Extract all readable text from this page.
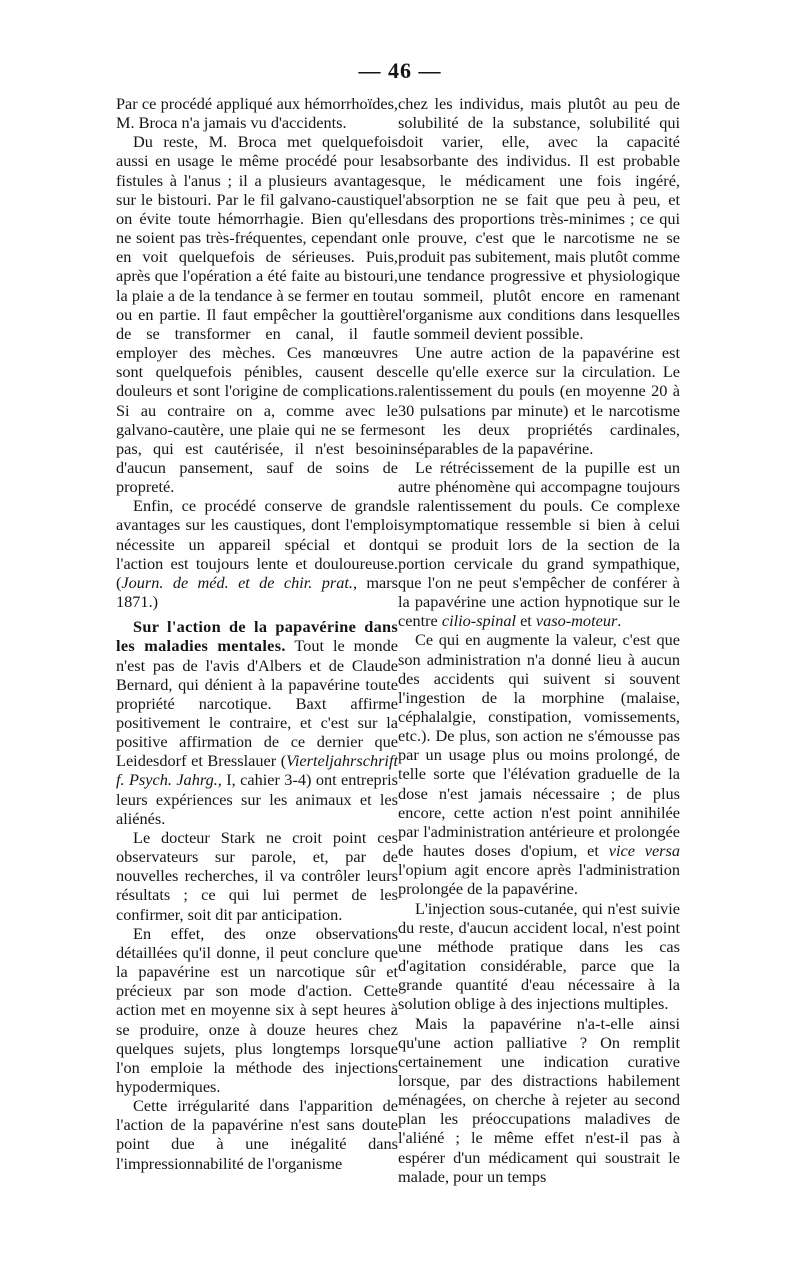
— 46 —

Par ce procédé appliqué aux hémorrhoïdes, M. Broca n'a jamais vu d'accidents.

Du reste, M. Broca met quelquefois aussi en usage le même procédé pour les fistules à l'anus ; il a plusieurs avantages sur le bistouri. Par le fil galvano-caustique on évite toute hémorrhagie. Bien qu'elles ne soient pas très-fréquentes, cependant on en voit quelquefois de sérieuses. Puis, après que l'opération a été faite au bistouri, la plaie a de la tendance à se fermer en tout ou en partie. Il faut empêcher la gouttière de se transformer en canal, il faut employer des mèches. Ces manœuvres sont quelquefois pénibles, causent des douleurs et sont l'origine de complications. Si au contraire on a, comme avec le galvano-cautère, une plaie qui ne se ferme pas, qui est cautérisée, il n'est besoin d'aucun pansement, sauf de soins de propreté.

Enfin, ce procédé conserve de grands avantages sur les caustiques, dont l'emploi nécessite un appareil spécial et dont l'action est toujours lente et douloureuse. (Journ. de méd. et de chir. prat., mars 1871.)

Sur l'action de la papavérine dans les maladies mentales. Tout le monde n'est pas de l'avis d'Albers et de Claude Bernard, qui dénient à la papavérine toute propriété narcotique. Baxt affirme positivement le contraire, et c'est sur la positive affirmation de ce dernier que Leidesdorf et Bresslauer (Vierteljahrschrift f. Psych. Jahrg., I, cahier 3-4) ont entrepris leurs expériences sur les animaux et les aliénés.

Le docteur Stark ne croit point ces observateurs sur parole, et, par de nouvelles recherches, il va contrôler leurs résultats ; ce qui lui permet de les confirmer, soit dit par anticipation.

En effet, des onze observations détaillées qu'il donne, il peut conclure que la papavérine est un narcotique sûr et précieux par son mode d'action. Cette action met en moyenne six à sept heures à se produire, onze à douze heures chez quelques sujets, plus longtemps lorsque l'on emploie la méthode des injections hypodermiques.

Cette irrégularité dans l'apparition de l'action de la papavérine n'est sans doute point due à une inégalité dans l'impressionnabilité de l'organisme

chez les individus, mais plutôt au peu de solubilité de la substance, solubilité qui doit varier, elle, avec la capacité absorbante des individus. Il est probable que, le médicament une fois ingéré, l'absorption ne se fait que peu à peu, et dans des proportions très-minimes ; ce qui le prouve, c'est que le narcotisme ne se produit pas subitement, mais plutôt comme une tendance progressive et physiologique au sommeil, plutôt encore en ramenant l'organisme aux conditions dans lesquelles le sommeil devient possible.

Une autre action de la papavérine est celle qu'elle exerce sur la circulation. Le ralentissement du pouls (en moyenne 20 à 30 pulsations par minute) et le narcotisme sont les deux propriétés cardinales, inséparables de la papavérine.

Le rétrécissement de la pupille est un autre phénomène qui accompagne toujours le ralentissement du pouls. Ce complexe symptomatique ressemble si bien à celui qui se produit lors de la section de la portion cervicale du grand sympathique, que l'on ne peut s'empêcher de conférer à la papavérine une action hypnotique sur le centre cilio-spinal et vaso-moteur.

Ce qui en augmente la valeur, c'est que son administration n'a donné lieu à aucun des accidents qui suivent si souvent l'ingestion de la morphine (malaise, céphalalgie, constipation, vomissements, etc.). De plus, son action ne s'émousse pas par un usage plus ou moins prolongé, de telle sorte que l'élévation graduelle de la dose n'est jamais nécessaire ; de plus encore, cette action n'est point annihilée par l'administration antérieure et prolongée de hautes doses d'opium, et vice versa l'opium agit encore après l'administration prolongée de la papavérine.

L'injection sous-cutanée, qui n'est suivie du reste, d'aucun accident local, n'est point une méthode pratique dans les cas d'agitation considérable, parce que la grande quantité d'eau nécessaire à la solution oblige à des injections multiples.

Mais la papavérine n'a-t-elle ainsi qu'une action palliative ? On remplit certainement une indication curative lorsque, par des distractions habilement ménagées, on cherche à rejeter au second plan les préoccupations maladives de l'aliéné ; le même effet n'est-il pas à espérer d'un médicament qui soustrait le malade, pour un temps
